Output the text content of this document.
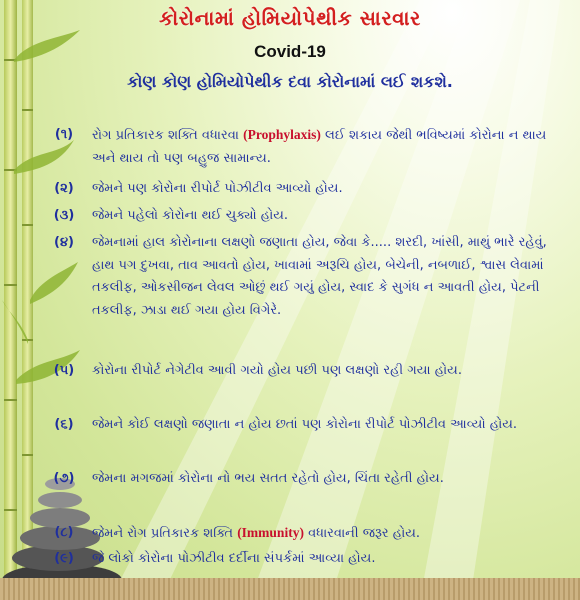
કોરોનામાં હોમિયોપેથીક સારવાર
Covid-19
કોણ કોણ હોમિયોપેથીક દવા કોરોનામાં લઈ શકશે.
(૧)	રોગ પ્રતિકારક શક્તિ વધારવા (Prophylaxis) લઈ શકાય જેથી ભવિષ્યમાં કોરોના ન થાય અને થાય તો પણ બહુજ સામાન્ય.
(૨)	જેમને પણ કોરોના રીપોર્ટ પોઝીટીવ આવ્યો હોય.
(૩)	જેમને પહેલો કોરોના થઈ ચુક્યો હોય.
(૪)	જેમનામાં હાલ કોરોનાના લક્ષણો જણાતા હોય, જેવા કે..... શરદી, ખાંસી, માથું ભારે રહેવું, હાથ પગ દુખવા, તાવ આવતો હોય, ખાવામાં અરૂચિ હોય, બેચેની, નબળાઈ, શ્વાસ લેવામાં તકલીફ, ઓકસીજન લેવલ ઓછું થઈ ગયું હોય, સ્વાદ કે સુગંધ ન આવતી હોય, પેટની તકલીફ, ઝાડા થઈ ગયા હોય વિગેરે.
(૫)	કોરોના રીપોર્ટ નેગેટીવ આવી ગયો હોય પછી પણ લક્ષણો રહી ગયા હોય.
(૬)	જેમને કોઈ લક્ષણો જણાતા ન હોય છતાં પણ કોરોના રીપોર્ટ પોઝીટીવ આવ્યો હોય.
(૭)	જેમના મગજમાં કોરોના નો ભય સતત રહેતો હોય, ચિંતા રહેતી હોય.
(૮)	જેમને રોગ પ્રતિકારક શક્તિ (Immunity) વધારવાની જરૂર હોય.
(૯)	જે લોકો કોરોના પોઝીટીવ દર્દીના સંપર્કમાં આવ્યા હોય.
